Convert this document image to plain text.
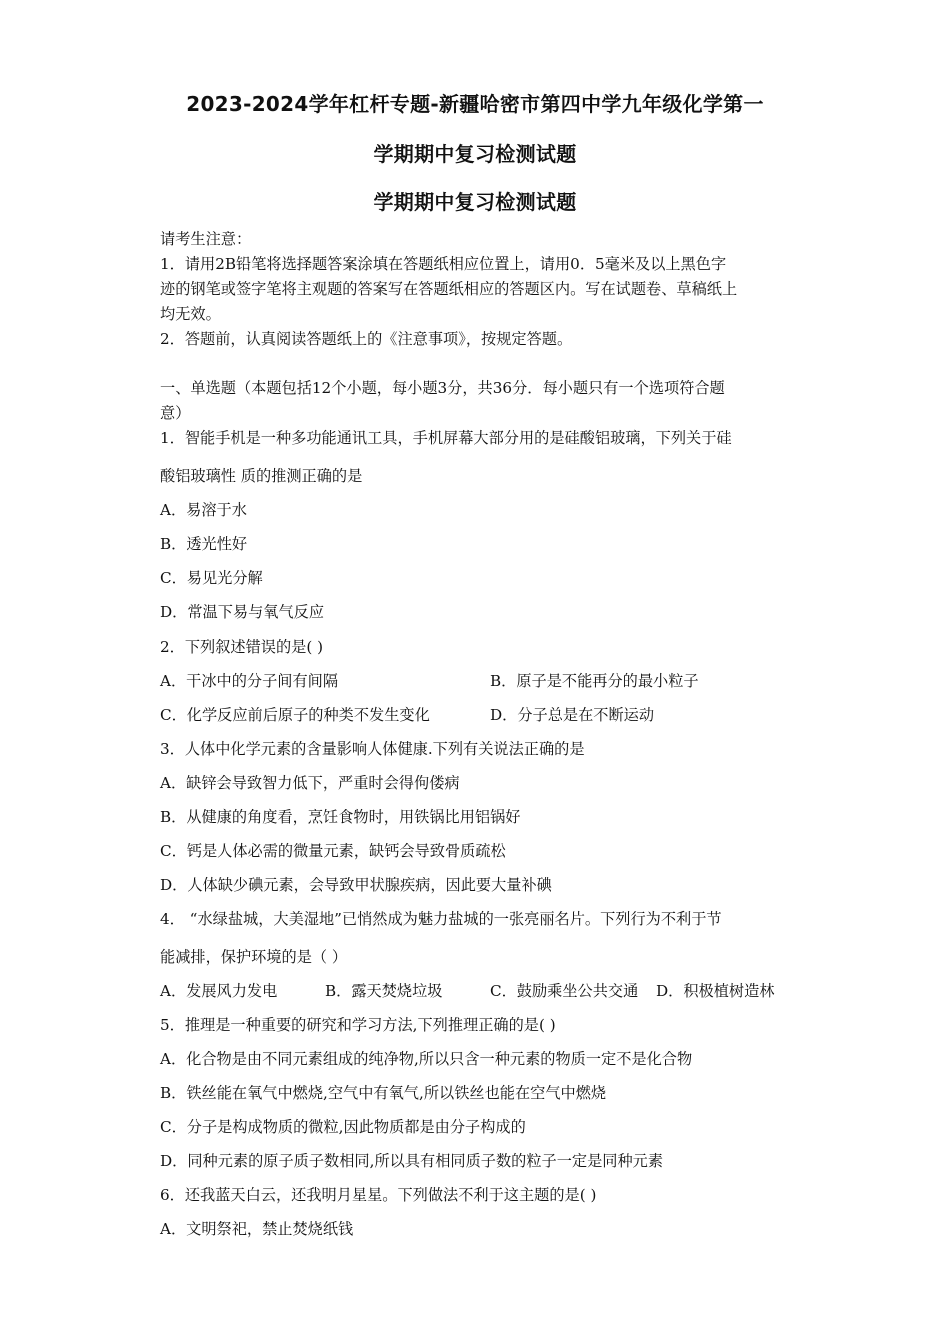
2023-2024学年杠杆专题-新疆哈密市第四中学九年级化学第一
学期期中复习检测试题
学期期中复习检测试题
请考生注意：
1．请用2B铅笔将选择题答案涂填在答题纸相应位置上，请用0．5毫米及以上黑色字
迹的钢笔或签字笔将主观题的答案写在答题纸相应的答题区内。写在试题卷、草稿纸上
均无效。
2．答题前，认真阅读答题纸上的《注意事项》，按规定答题。
一、单选题（本题包括12个小题，每小题3分，共36分．每小题只有一个选项符合题
意）
1．智能手机是一种多功能通讯工具，手机屏幕大部分用的是硅酸铝玻璃，下列关于硅
酸铝玻璃性 质的推测正确的是
A．易溶于水
B．透光性好
C．易见光分解
D．常温下易与氧气反应
2．下列叙述错误的是( )
A．干冰中的分子间有间隔	B．原子是不能再分的最小粒子
C．化学反应前后原子的种类不发生变化	D．分子总是在不断运动
3．人体中化学元素的含量影响人体健康.下列有关说法正确的是
A．缺锌会导致智力低下，严重时会得佝偻病
B．从健康的角度看，烹饪食物时，用铁锅比用铝锅好
C．钙是人体必需的微量元素，缺钙会导致骨质疏松
D．人体缺少碘元素，会导致甲状腺疾病，因此要大量补碘
4． “水绿盐城，大美湿地”已悄然成为魅力盐城的一张亮丽名片。下列行为不利于节
能减排，保护环境的是（ ）
A．发展风力发电	B．露天焚烧垃圾	C．鼓励乘坐公共交通 D．积极植树造林
5．推理是一种重要的研究和学习方法,下列推理正确的是( )
A．化合物是由不同元素组成的纯净物,所以只含一种元素的物质一定不是化合物
B．铁丝能在氧气中燃烧,空气中有氧气,所以铁丝也能在空气中燃烧
C．分子是构成物质的微粒,因此物质都是由分子构成的
D．同种元素的原子质子数相同,所以具有相同质子数的粒子一定是同种元素
6．还我蓝天白云，还我明月星星。下列做法不利于这主题的是( )
A．文明祭祀，禁止焚烧纸钱
